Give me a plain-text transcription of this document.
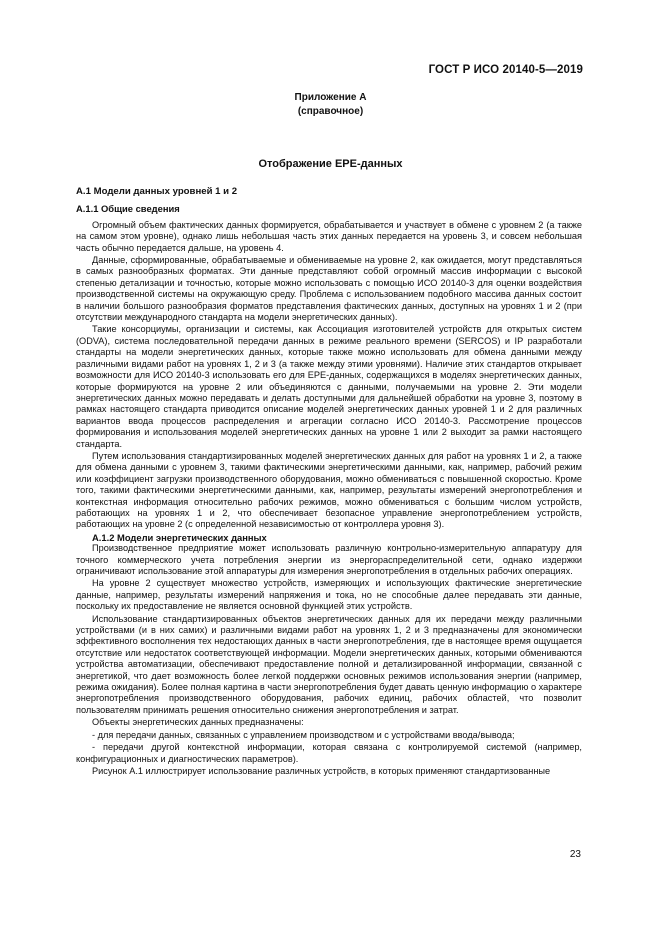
ГОСТ Р ИСО 20140-5—2019
Приложение А
(справочное)
Отображение ЕРЕ-данных
А.1 Модели данных уровней 1 и 2
А.1.1 Общие сведения

Огромный объем фактических данных формируется, обрабатывается и участвует в обмене с уровнем 2 (а также на самом этом уровне), однако лишь небольшая часть этих данных передается на уровень 3, и совсем небольшая часть обычно передается дальше, на уровень 4.

Данные, сформированные, обрабатываемые и обмениваемые на уровне 2, как ожидается, могут представляться в самых разнообразных форматах. Эти данные представляют собой огромный массив информации с высокой степенью детализации и точностью, которые можно использовать с помощью ИСО 20140-3 для оценки воздействия производственной системы на окружающую среду. Проблема с использованием подобного массива данных состоит в наличии большого разнообразия форматов представления фактических данных, доступных на уровнях 1 и 2 (при отсутствии международного стандарта на модели энергетических данных).

Такие консорциумы, организации и системы, как Ассоциация изготовителей устройств для открытых систем (ODVA), система последовательной передачи данных в режиме реального времени (SERCOS) и IP разработали стандарты на модели энергетических данных, которые также можно использовать для обмена данными между различными видами работ на уровнях 1, 2 и 3 (а также между этими уровнями). Наличие этих стандартов открывает возможности для ИСО 20140-3 использовать его для ЕРЕ-данных, содержащихся в моделях энергетических данных, которые формируются на уровне 2 или объединяются с данными, получаемыми на уровне 2. Эти модели энергетических данных можно передавать и делать доступными для дальнейшей обработки на уровне 3, поэтому в рамках настоящего стандарта приводится описание моделей энергетических данных уровней 1 и 2 для различных вариантов ввода процессов распределения и агрегации согласно ИСО 20140-3. Рассмотрение процессов формирования и использования моделей энергетических данных на уровне 1 или 2 выходит за рамки настоящего стандарта.

Путем использования стандартизированных моделей энергетических данных для работ на уровнях 1 и 2, а также для обмена данными с уровнем 3, такими фактическими энергетическими данными, как, например, рабочий режим или коэффициент загрузки производственного оборудования, можно обмениваться с повышенной скоростью. Кроме того, такими фактическими энергетическими данными, как, например, результаты измерений энергопотребления и контекстная информация относительно рабочих режимов, можно обмениваться с большим числом устройств, работающих на уровнях 1 и 2, что обеспечивает безопасное управление энергопотреблением устройств, работающих на уровне 2 (с определенной независимостью от контроллера уровня 3).

А.1.2 Модели энергетических данных

Производственное предприятие может использовать различную контрольно-измерительную аппаратуру для точного коммерческого учета потребления энергии из энергораспределительной сети, однако издержки ограничивают использование этой аппаратуры для измерения энергопотребления в отдельных рабочих операциях.

На уровне 2 существует множество устройств, измеряющих и использующих фактические энергетические данные, например, результаты измерений напряжения и тока, но не способные далее передавать эти данные, поскольку их предоставление не является основной функцией этих устройств.

Использование стандартизированных объектов энергетических данных для их передачи между различными устройствами (и в них самих) и различными видами работ на уровнях 1, 2 и 3 предназначены для экономически эффективного восполнения тех недостающих данных в части энергопотребления, где в настоящее время ощущается отсутствие или недостаток соответствующей информации. Модели энергетических данных, которыми обмениваются устройства автоматизации, обеспечивают предоставление полной и детализированной информации, связанной с энергетикой, что дает возможность более легкой поддержки основных режимов использования энергии (например, режима ожидания). Более полная картина в части энергопотребления будет давать ценную информацию о характере энергопотребления производственного оборудования, рабочих единиц, рабочих областей, что позволит пользователям принимать решения относительно снижения энергопотребления и затрат.

Объекты энергетических данных предназначены:

- для передачи данных, связанных с управлением производством и с устройствами ввода/вывода;

- передачи другой контекстной информации, которая связана с контролируемой системой (например, конфигурационных и диагностических параметров).

Рисунок А.1 иллюстрирует использование различных устройств, в которых применяют стандартизованные

23
